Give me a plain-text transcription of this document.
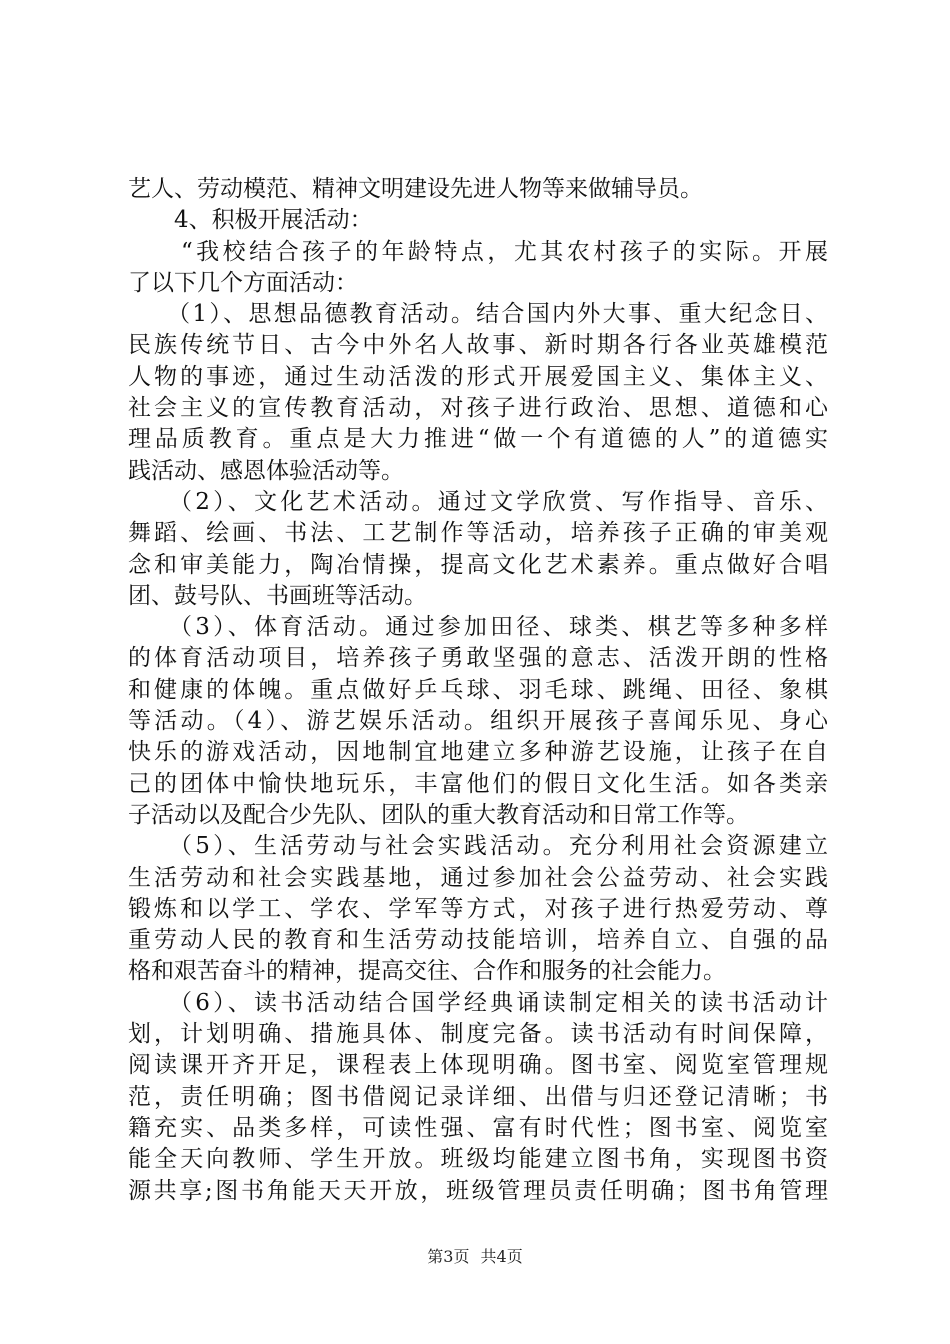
艺人、劳动模范、精神文明建设先进人物等来做辅导员。
　　4、积极开展活动：
　　“我校结合孩子的年龄特点，尤其农村孩子的实际。开展
了以下几个方面活动：
　　（1）、思想品德教育活动。结合国内外大事、重大纪念日、
民族传统节日、古今中外名人故事、新时期各行各业英雄模范
人物的事迹，通过生动活泼的形式开展爱国主义、集体主义、
社会主义的宣传教育活动，对孩子进行政治、思想、道德和心
理品质教育。重点是大力推进“做一个有道德的人”的道德实
践活动、感恩体验活动等。
　　（2）、文化艺术活动。通过文学欣赏、写作指导、音乐、
舞蹈、绘画、书法、工艺制作等活动，培养孩子正确的审美观
念和审美能力，陶冶情操，提高文化艺术素养。重点做好合唱
团、鼓号队、书画班等活动。
　　（3）、体育活动。通过参加田径、球类、棋艺等多种多样
的体育活动项目，培养孩子勇敢坚强的意志、活泼开朗的性格
和健康的体魄。重点做好乒乓球、羽毛球、跳绳、田径、象棋
等活动。（4）、游艺娱乐活动。组织开展孩子喜闻乐见、身心
快乐的游戏活动，因地制宜地建立多种游艺设施，让孩子在自
己的团体中愉快地玩乐，丰富他们的假日文化生活。如各类亲
子活动以及配合少先队、团队的重大教育活动和日常工作等。
　　（5）、生活劳动与社会实践活动。充分利用社会资源建立
生活劳动和社会实践基地，通过参加社会公益劳动、社会实践
锻炼和以学工、学农、学军等方式，对孩子进行热爱劳动、尊
重劳动人民的教育和生活劳动技能培训，培养自立、自强的品
格和艰苦奋斗的精神，提高交往、合作和服务的社会能力。
　　（6）、读书活动结合国学经典诵读制定相关的读书活动计
划，计划明确、措施具体、制度完备。读书活动有时间保障，
阅读课开齐开足，课程表上体现明确。图书室、阅览室管理规
范，责任明确；图书借阅记录详细、出借与归还登记清晰；书
籍充实、品类多样，可读性强、富有时代性；图书室、阅览室
能全天向教师、学生开放。班级均能建立图书角，实现图书资
源共享;图书角能天天开放，班级管理员责任明确；图书角管理
第3页 共4页
